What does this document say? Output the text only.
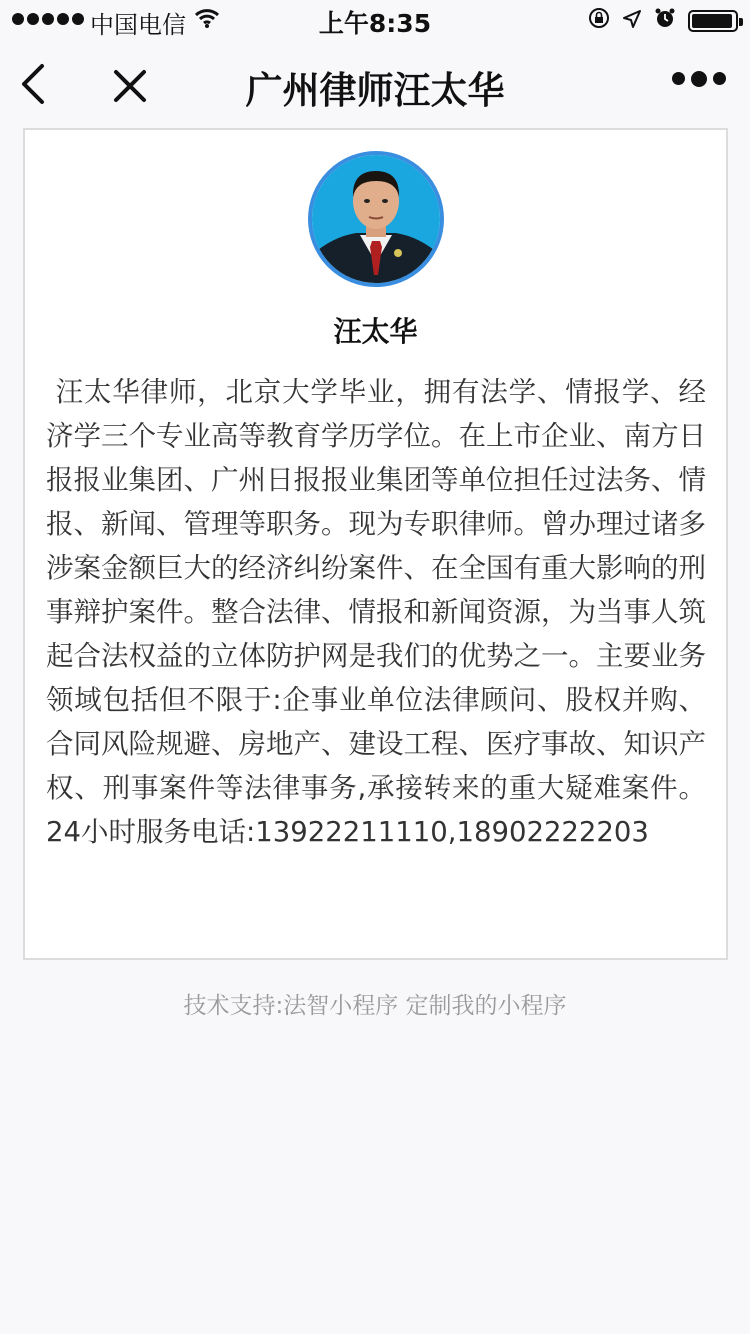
中国电信	上午8:35
广州律师汪太华
汪太华
汪太华律师，北京大学毕业，拥有法学、情报学、经济学三个专业高等教育学历学位。在上市企业、南方日报报业集团、广州日报报业集团等单位担任过法务、情报、新闻、管理等职务。现为专职律师。曾办理过诸多涉案金额巨大的经济纠纷案件、在全国有重大影响的刑事辩护案件。整合法律、情报和新闻资源，为当事人筑起合法权益的立体防护网是我们的优势之一。主要业务领域包括但不限于:企事业单位法律顾问、股权并购、合同风险规避、房地产、建设工程、医疗事故、知识产权、刑事案件等法律事务,承接转来的重大疑难案件。24小时服务电话:13922211110,18902222203
技术支持:法智小程序 定制我的小程序
